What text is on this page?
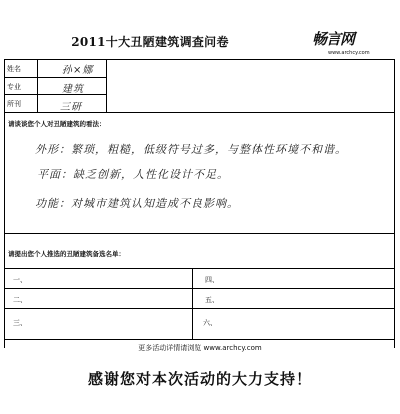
2011十大丑陋建筑调查问卷	畅言网
www.archcy.com
姓名
专业
所刊
孙×娜
建筑
三研
请谈谈您个人对丑陋建筑的看法：
外形：繁琐，粗糙，低级符号过多，与整体性环境不和谐。
平面：缺乏创新，人性化设计不足。
功能：对城市建筑认知造成不良影响。
请提出您个人推选的丑陋建筑备选名单：
一、
二、
三、
四、
五、
六、
更多活动详情请浏览 www.archcy.com
感谢您对本次活动的大力支持！
